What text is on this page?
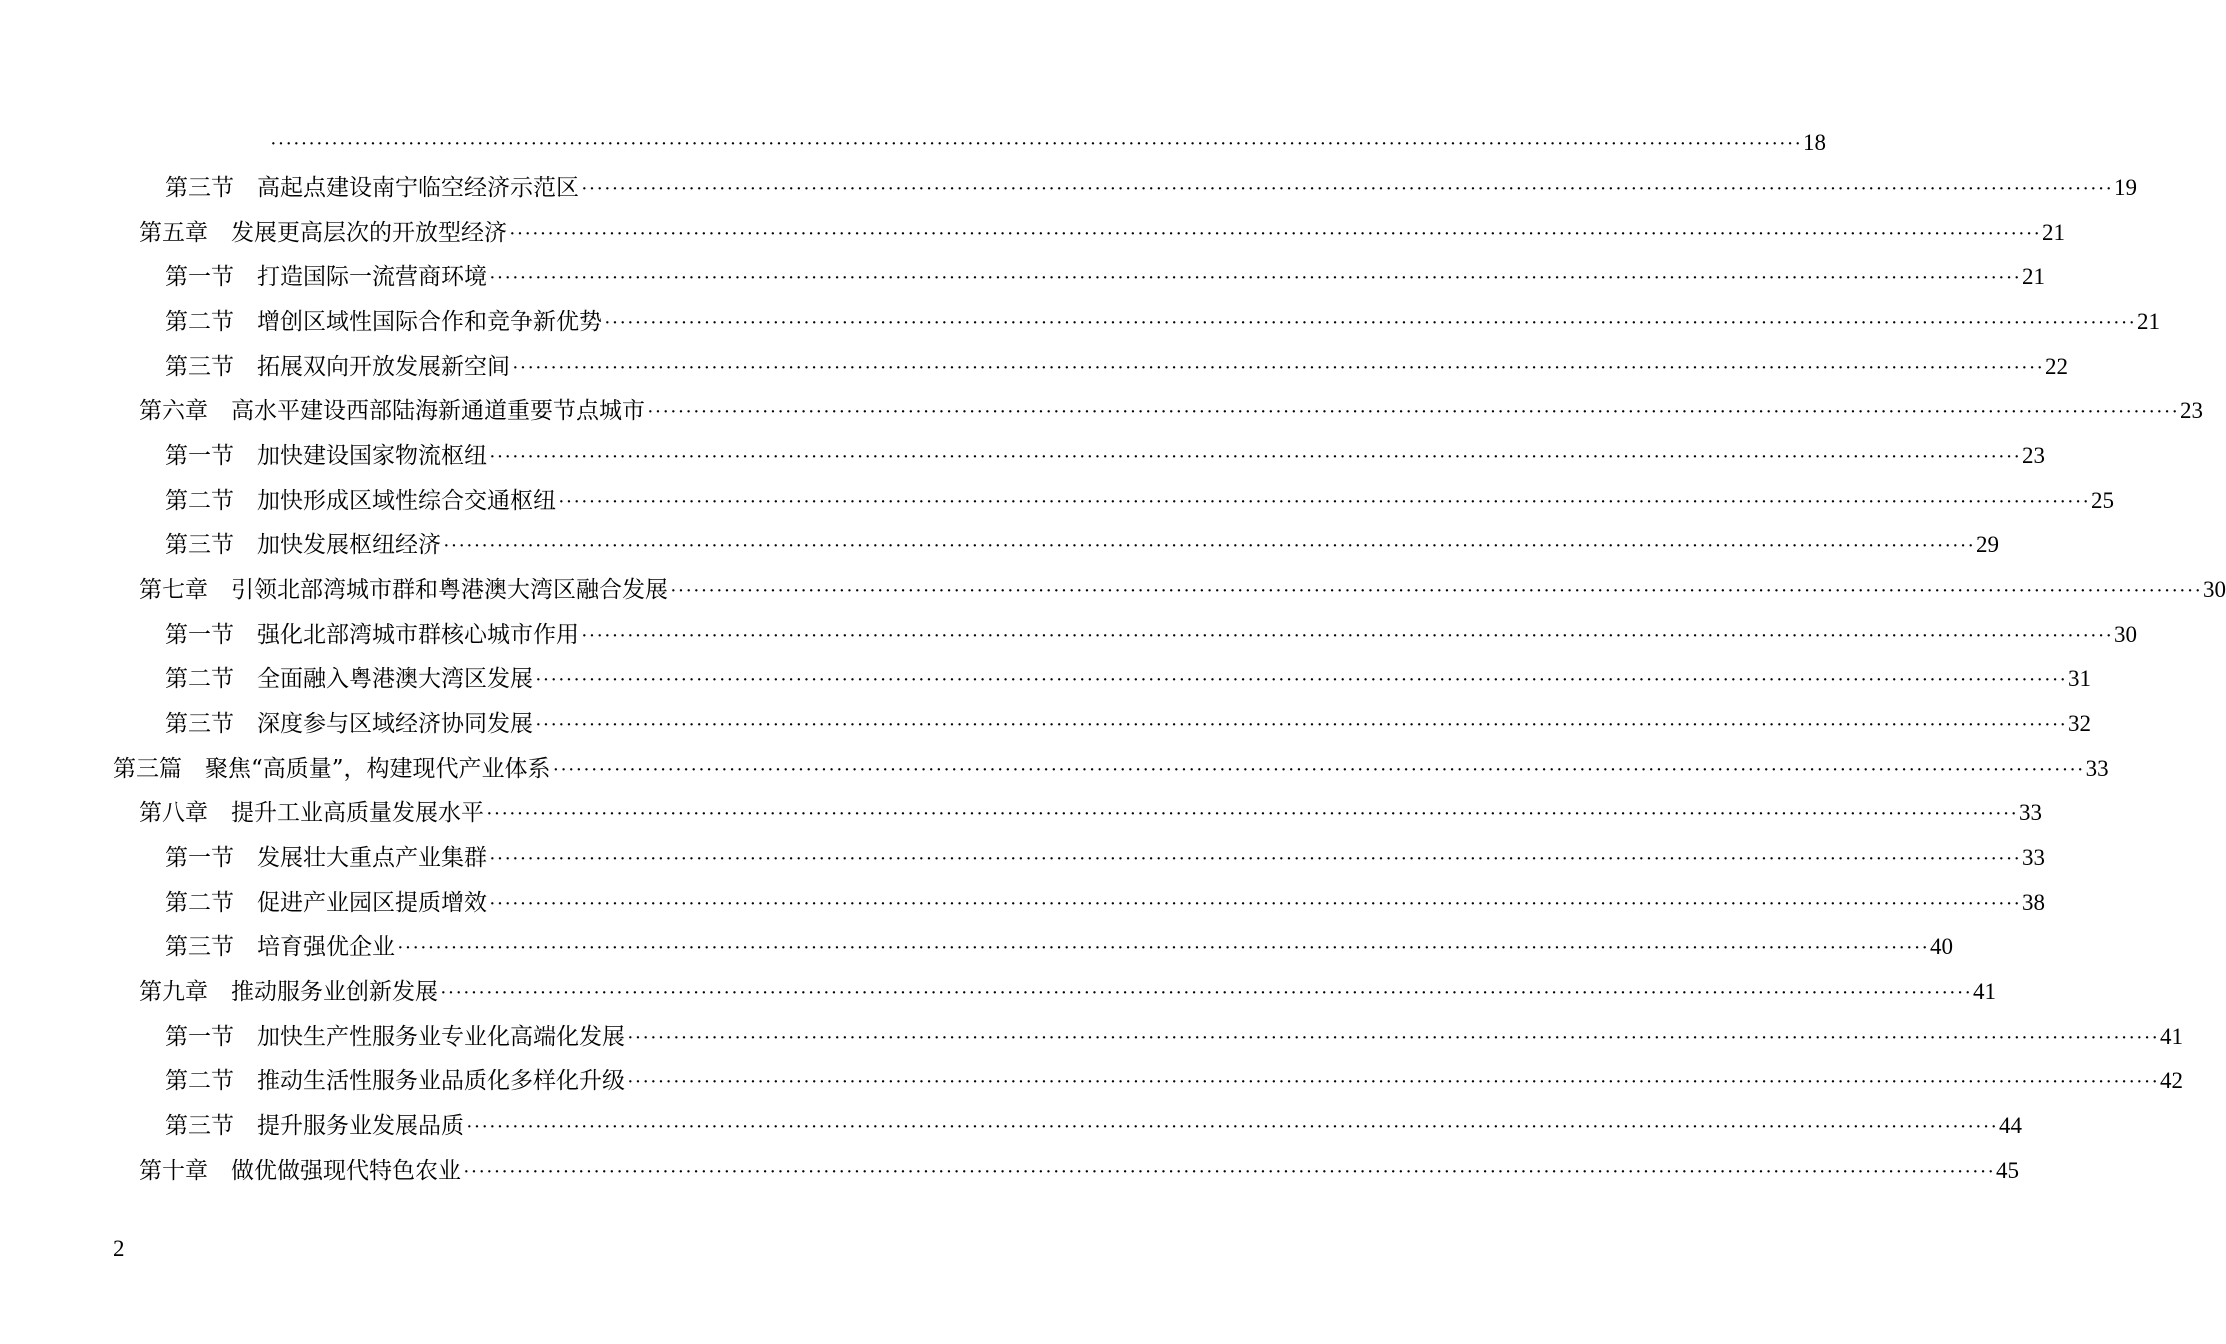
········································································································································································································ 18
第三节　高起点建设南宁临空经济示范区 ········································································································································································································ 19
第五章　发展更高层次的开放型经济 ········································································································································································································ 21
第一节　打造国际一流营商环境 ········································································································································································································ 21
第二节　增创区域性国际合作和竞争新优势 ········································································································································································································ 21
第三节　拓展双向开放发展新空间 ········································································································································································································ 22
第六章　高水平建设西部陆海新通道重要节点城市 ········································································································································································································ 23
第一节　加快建设国家物流枢纽 ········································································································································································································ 23
第二节　加快形成区域性综合交通枢纽 ········································································································································································································ 25
第三节　加快发展枢纽经济 ········································································································································································································ 29
第七章　引领北部湾城市群和粤港澳大湾区融合发展 ········································································································································································································ 30
第一节　强化北部湾城市群核心城市作用 ········································································································································································································ 30
第二节　全面融入粤港澳大湾区发展 ········································································································································································································ 31
第三节　深度参与区域经济协同发展 ········································································································································································································ 32
第三篇　聚焦“高质量”，构建现代产业体系 ········································································································································································································ 33
第八章　提升工业高质量发展水平 ········································································································································································································ 33
第一节　发展壮大重点产业集群 ········································································································································································································ 33
第二节　促进产业园区提质增效 ········································································································································································································ 38
第三节　培育强优企业 ········································································································································································································ 40
第九章　推动服务业创新发展 ········································································································································································································ 41
第一节　加快生产性服务业专业化高端化发展 ········································································································································································································ 41
第二节　推动生活性服务业品质化多样化升级 ········································································································································································································ 42
第三节　提升服务业发展品质 ········································································································································································································ 44
第十章　做优做强现代特色农业 ········································································································································································································ 45
2
